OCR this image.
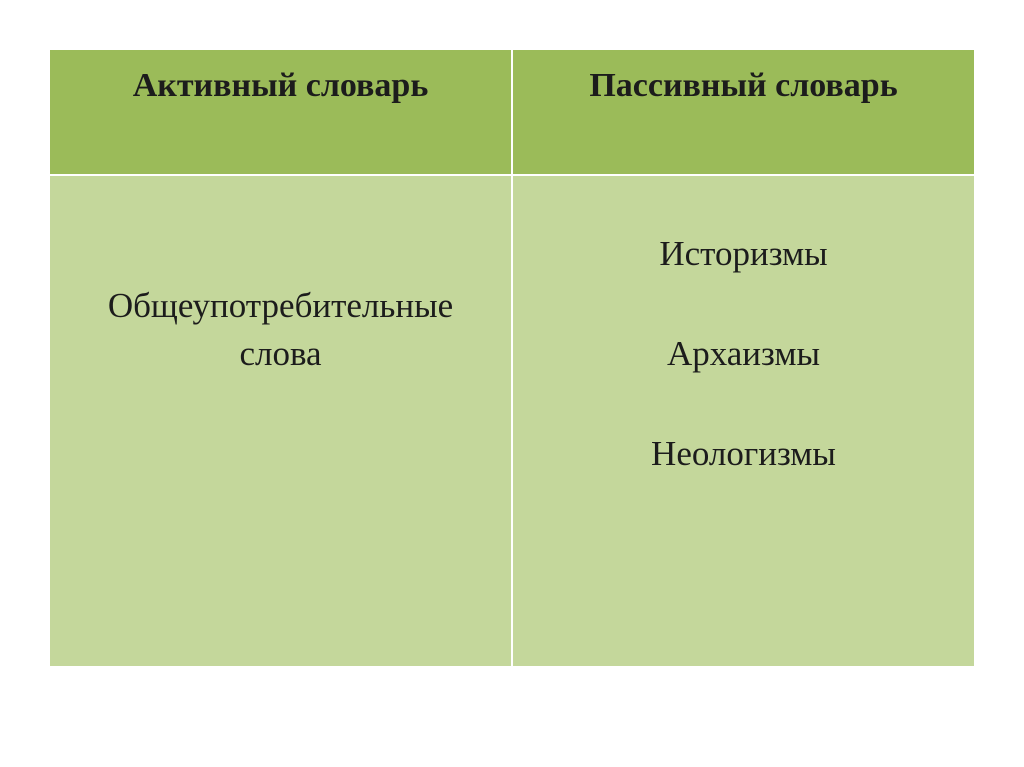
Активный словарь	Пассивный словарь
Общеупотребительные
слова
Историзмы
Архаизмы
Неологизмы
